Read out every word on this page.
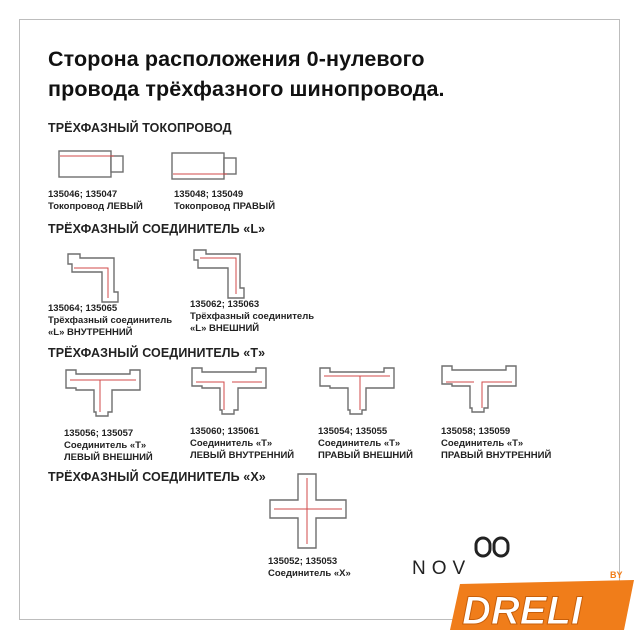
Сторона расположения 0-нулевого
провода трёхфазного шинопровода.
ТРЁХФАЗНЫЙ ТОКОПРОВОД
135046; 135047
Токопровод ЛЕВЫЙ
135048; 135049
Токопровод ПРАВЫЙ
ТРЁХФАЗНЫЙ СОЕДИНИТЕЛЬ «L»
135064; 135065
Трёхфазный соединитель
«L» ВНУТРЕННИЙ
135062; 135063
Трёхфазный соединитель
«L» ВНЕШНИЙ
ТРЁХФАЗНЫЙ СОЕДИНИТЕЛЬ «Т»
135056; 135057
Соединитель «Т»
ЛЕВЫЙ ВНЕШНИЙ
135060; 135061
Соединитель «Т»
ЛЕВЫЙ ВНУТРЕННИЙ
135054; 135055
Соединитель «Т»
ПРАВЫЙ ВНЕШНИЙ
135058; 135059
Соединитель «Т»
ПРАВЫЙ ВНУТРЕННИЙ
ТРЁХФАЗНЫЙ СОЕДИНИТЕЛЬ «Х»
135052; 135053
Соединитель «Х»	NOV	BY
DRELI
